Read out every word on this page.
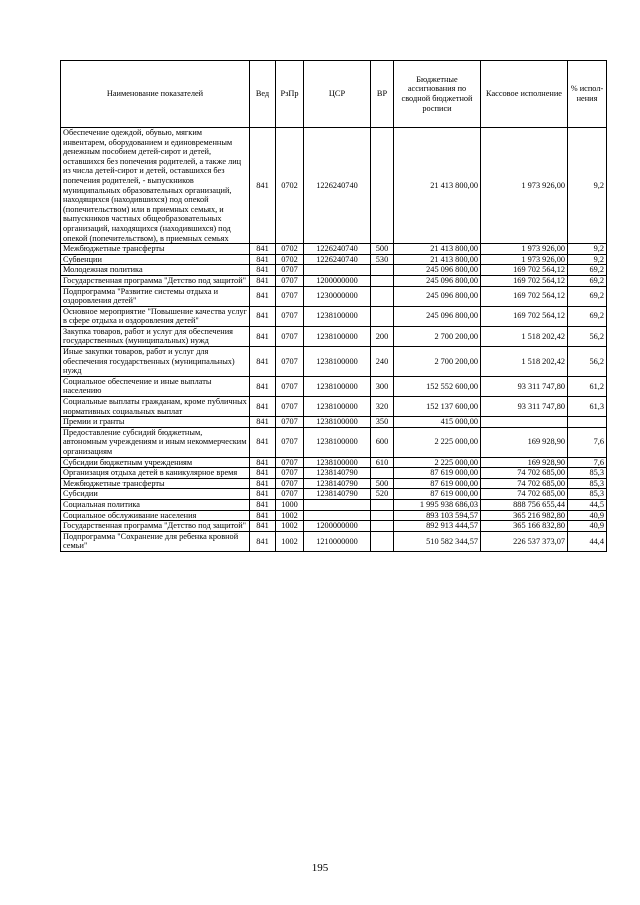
Наименование показателей	Вед	РзПр	ЦСР	ВР	Бюджетные ассигнования по сводной бюджетной росписи	Кассовое исполнение	% испол-нения
Обеспечение одеждой, обувью, мягким инвентарем, оборудованием и единовременным денежным пособием детей-сирот и детей, оставшихся без попечения родителей, а также лиц из числа детей-сирот и детей, оставшихся без попечения родителей, - выпускников муниципальных образовательных организаций, находящихся (находившихся) под опекой (попечительством) или в приемных семьях, и выпускников частных общеобразовательных организаций, находящихся (находившихся) под опекой (попечительством), в приемных семьях	841	0702	1226240740		21 413 800,00	1 973 926,00	9,2
Межбюджетные трансферты	841	0702	1226240740	500	21 413 800,00	1 973 926,00	9,2
Субвенции	841	0702	1226240740	530	21 413 800,00	1 973 926,00	9,2
Молодежная политика	841	0707			245 096 800,00	169 702 564,12	69,2
Государственная программа "Детство под защитой"	841	0707	1200000000		245 096 800,00	169 702 564,12	69,2
Подпрограмма "Развитие системы отдыха и оздоровления детей"	841	0707	1230000000		245 096 800,00	169 702 564,12	69,2
Основное мероприятие "Повышение качества услуг в сфере отдыха и оздоровления детей"	841	0707	1238100000		245 096 800,00	169 702 564,12	69,2
Закупка товаров, работ и услуг для обеспечения государственных (муниципальных) нужд	841	0707	1238100000	200	2 700 200,00	1 518 202,42	56,2
Иные закупки товаров, работ и услуг для обеспечения государственных (муниципальных) нужд	841	0707	1238100000	240	2 700 200,00	1 518 202,42	56,2
Социальное обеспечение и иные выплаты населению	841	0707	1238100000	300	152 552 600,00	93 311 747,80	61,2
Социальные выплаты гражданам, кроме публичных нормативных социальных выплат	841	0707	1238100000	320	152 137 600,00	93 311 747,80	61,3
Премии и гранты	841	0707	1238100000	350	415 000,00		
Предоставление субсидий бюджетным, автономным учреждениям и иным некоммерческим организациям	841	0707	1238100000	600	2 225 000,00	169 928,90	7,6
Субсидии бюджетным учреждениям	841	0707	1238100000	610	2 225 000,00	169 928,90	7,6
Организация отдыха детей в каникулярное время	841	0707	1238140790		87 619 000,00	74 702 685,00	85,3
Межбюджетные трансферты	841	0707	1238140790	500	87 619 000,00	74 702 685,00	85,3
Субсидии	841	0707	1238140790	520	87 619 000,00	74 702 685,00	85,3
Социальная политика	841	1000			1 995 938 686,03	888 756 655,44	44,5
Социальное обслуживание населения	841	1002			893 103 594,57	365 216 982,80	40,9
Государственная программа "Детство под защитой"	841	1002	1200000000		892 913 444,57	365 166 832,80	40,9
Подпрограмма "Сохранение для ребенка кровной семьи"	841	1002	1210000000		510 582 344,57	226 537 373,07	44,4
195
